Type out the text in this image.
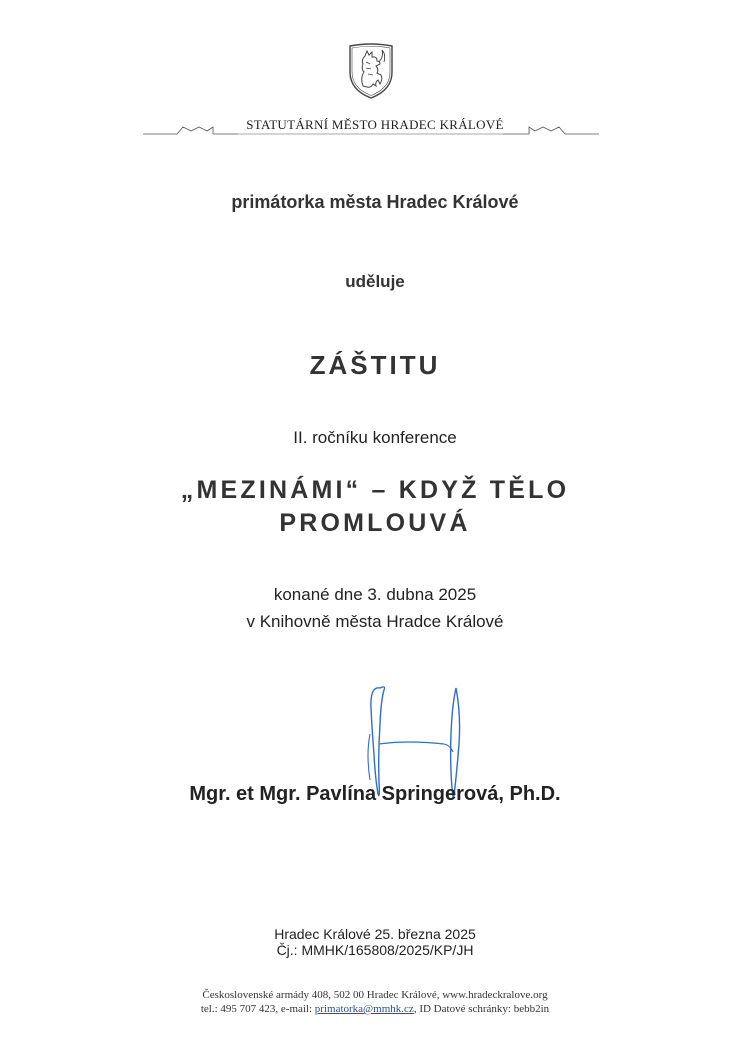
STATUTÁRNÍ MĚSTO HRADEC KRÁLOVÉ
primátorka města Hradec Králové
uděluje
ZÁŠTITU
II. ročníku konference
„MEZINÁMI“ – KDYŽ TĚLO
PROMLOUVÁ
konané dne 3. dubna 2025
v Knihovně města Hradce Králové
Mgr. et Mgr. Pavlína Springerová, Ph.D.
Hradec Králové 25. března 2025
Čj.: MMHK/165808/2025/KP/JH
Československé armády 408, 502 00 Hradec Králové, www.hradeckralove.org
tel.: 495 707 423, e-mail: primatorka@mmhk.cz, ID Datové schránky: bebb2in
